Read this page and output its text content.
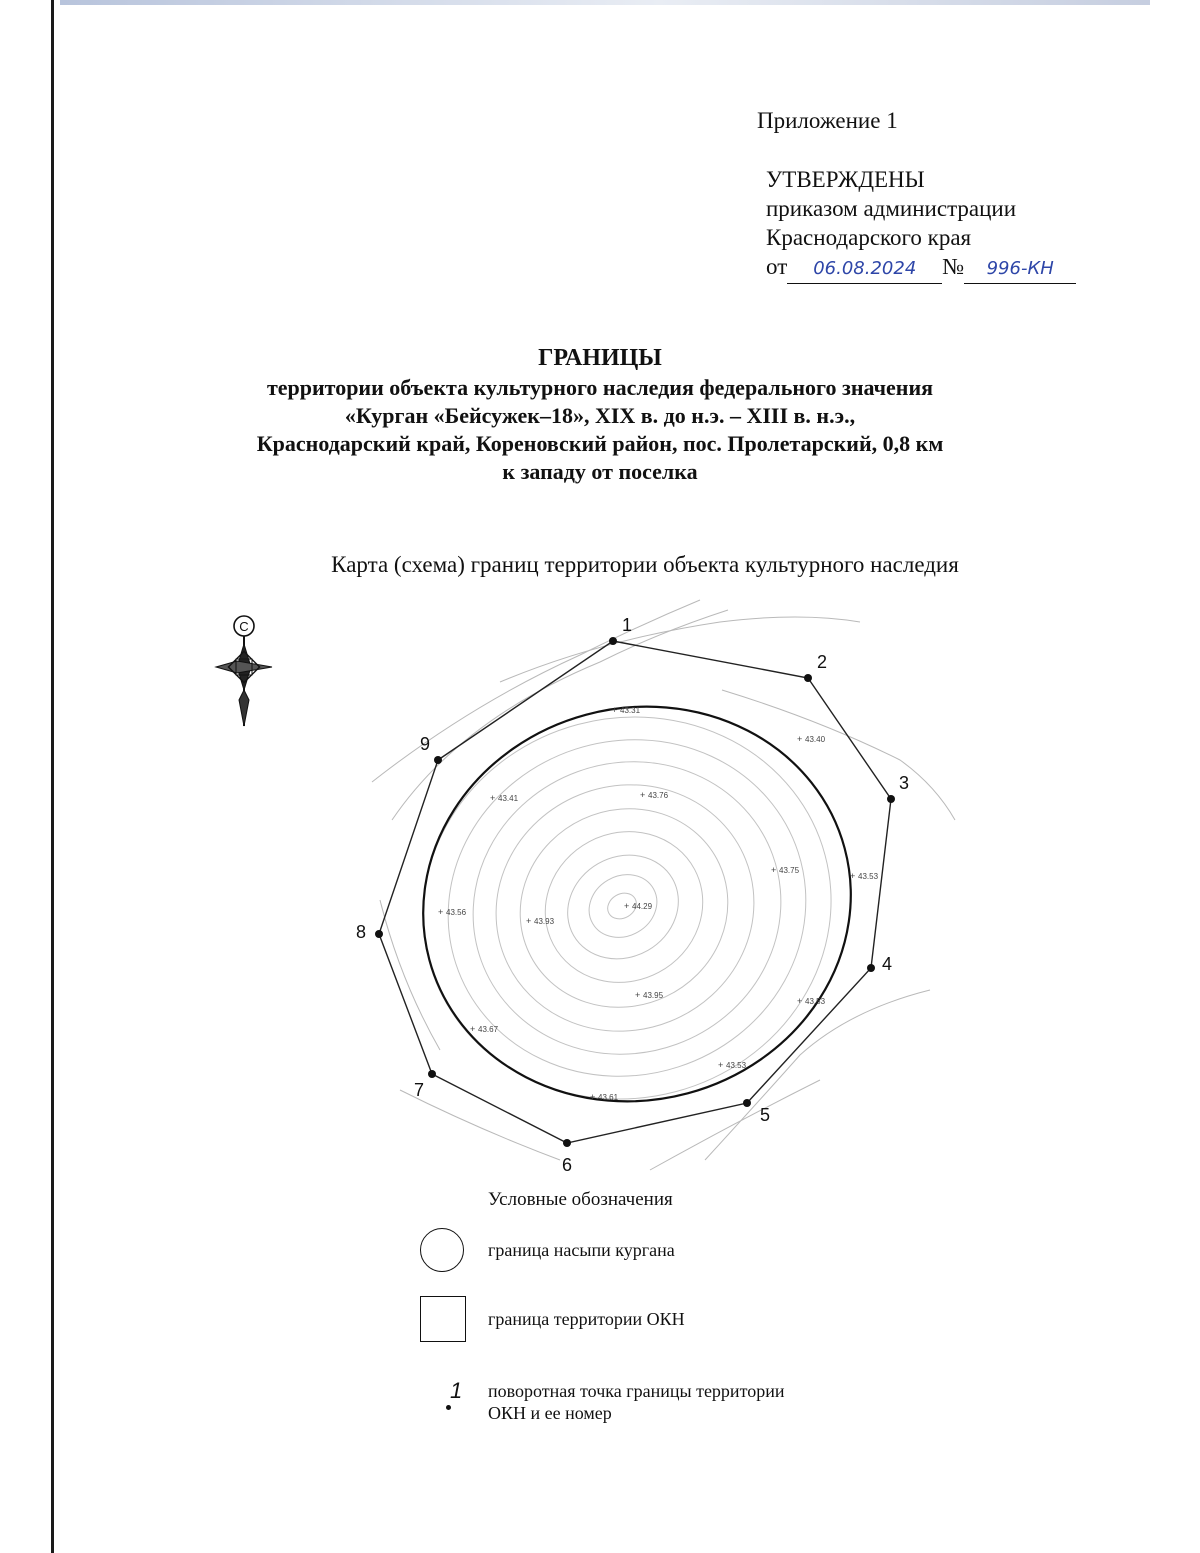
Приложение 1
УТВЕРЖДЕНЫ
приказом администрации
Краснодарского края
от 06.08.2024 № 996-КН
ГРАНИЦЫ
территории объекта культурного наследия федерального значения
«Курган «Бейсужек–18», XIX в. до н.э. – XIII в. н.э.,
Краснодарский край, Кореновский район, пос. Пролетарский, 0,8 км
к западу от поселка
Карта (схема) границ территории объекта культурного наследия
+ 43.31
+ 43.40
+ 43.41	+ 43.76
+ 43.75
+ 43.53
+ 43.56
+ 43.93
+ 44.29
+ 43.95
+ 43.53
+ 43.67
+ 43.53
+ 43.61
1
2
3
4
5
6
7
8
9
С
Условные обозначения
граница насыпи кургана
граница территории ОКН
1 поворотная точка границы территории
ОКН и ее номер
